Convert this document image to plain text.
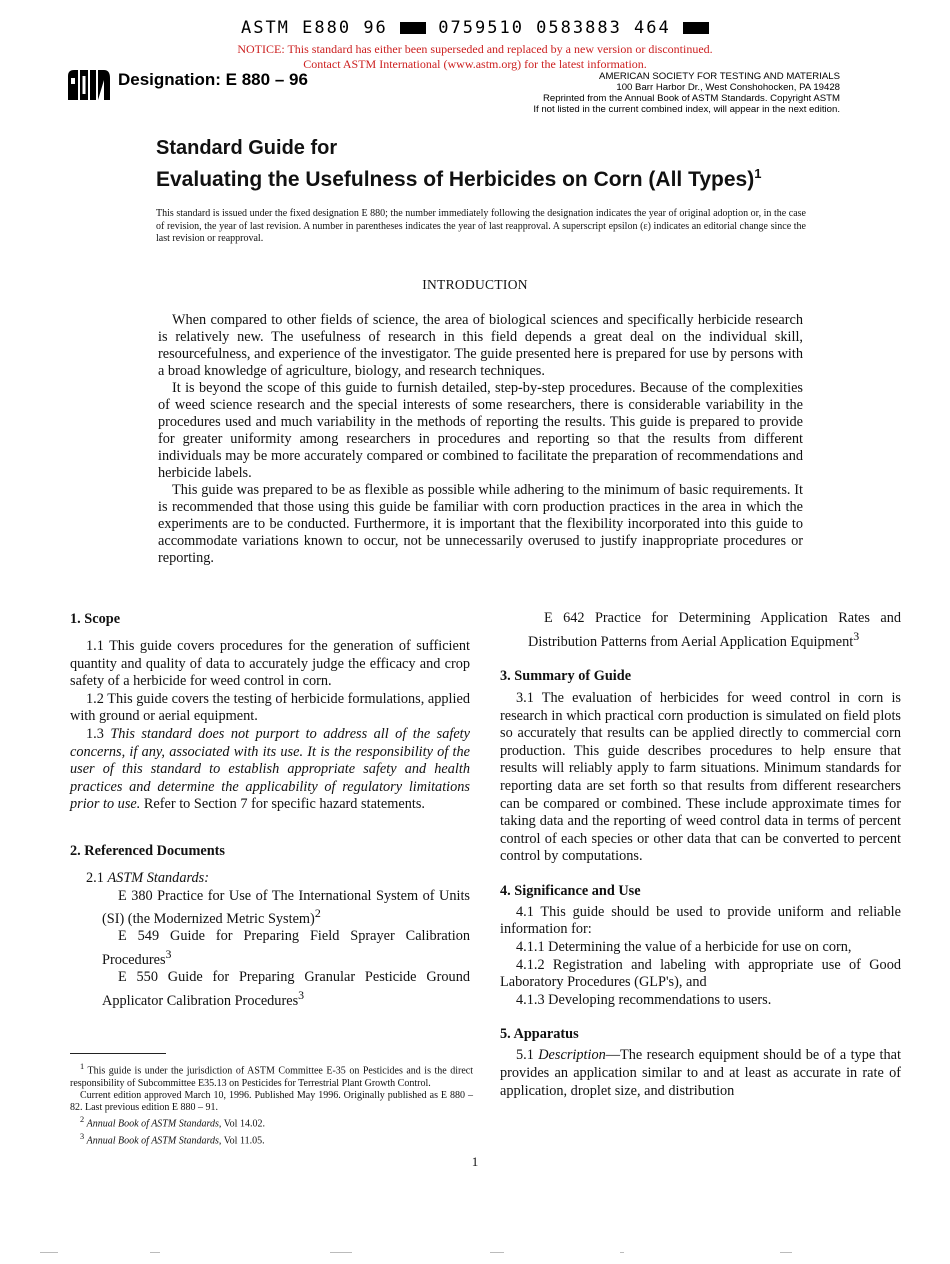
ASTM E880 96	0759510 0583883 464
NOTICE: This standard has either been superseded and replaced by a new version or discontinued.
Contact ASTM International (www.astm.org) for the latest information.
Designation: E 880 – 96	AMERICAN SOCIETY FOR TESTING AND MATERIALS
100 Barr Harbor Dr., West Conshohocken, PA 19428
Reprinted from the Annual Book of ASTM Standards. Copyright ASTM
If not listed in the current combined index, will appear in the next edition.
Standard Guide for
Evaluating the Usefulness of Herbicides on Corn (All Types)$^1$
This standard is issued under the fixed designation E 880; the number immediately following the designation indicates the year of original adoption or, in the case of revision, the year of last revision. A number in parentheses indicates the year of last reapproval. A superscript epsilon (ε) indicates an editorial change since the last revision or reapproval.
INTRODUCTION

When compared to other fields of science, the area of biological sciences and specifically herbicide research is relatively new. The usefulness of research in this field depends a great deal on the individual skill, resourcefulness, and experience of the investigator. The guide presented here is prepared for use by persons with a broad knowledge of agriculture, biology, and research techniques.

It is beyond the scope of this guide to furnish detailed, step-by-step procedures. Because of the complexities of weed science research and the special interests of some researchers, there is considerable variability in the procedures used and much variability in the methods of reporting the results. This guide is prepared to provide for greater uniformity among researchers in procedures and reporting so that the results from different individuals may be more accurately compared or combined to facilitate the preparation of recommendations and herbicide labels.

This guide was prepared to be as flexible as possible while adhering to the minimum of basic requirements. It is recommended that those using this guide be familiar with corn production practices in the area in which the experiments are to be conducted. Furthermore, it is important that the flexibility incorporated into this guide to accommodate variations known to occur, not be unnecessarily overused to justify inappropriate procedures or reporting.

1. Scope

1.1 This guide covers procedures for the generation of sufficient quantity and quality of data to accurately judge the efficacy and crop safety of a herbicide for weed control in corn.

1.2 This guide covers the testing of herbicide formulations, applied with ground or aerial equipment.

1.3 This standard does not purport to address all of the safety concerns, if any, associated with its use. It is the responsibility of the user of this standard to establish appropriate safety and health practices and determine the applicability of regulatory limitations prior to use. Refer to Section 7 for specific hazard statements.

2. Referenced Documents

2.1 ASTM Standards:

E 380 Practice for Use of The International System of Units (SI) (the Modernized Metric System)$^2$

E 549 Guide for Preparing Field Sprayer Calibration Procedures$^3$

E 550 Guide for Preparing Granular Pesticide Ground Applicator Calibration Procedures$^3$

$^1$ This guide is under the jurisdiction of ASTM Committee E-35 on Pesticides and is the direct responsibility of Subcommittee E35.13 on Pesticides for Terrestrial Plant Growth Control.

Current edition approved March 10, 1996. Published May 1996. Originally published as E 880 – 82. Last previous edition E 880 – 91.

$^2$ Annual Book of ASTM Standards, Vol 14.02.

$^3$ Annual Book of ASTM Standards, Vol 11.05.

E 642 Practice for Determining Application Rates and Distribution Patterns from Aerial Application Equipment$^3$

3. Summary of Guide

3.1 The evaluation of herbicides for weed control in corn is research in which practical corn production is simulated on field plots so accurately that results can be applied directly to commercial corn production. This guide describes procedures to help ensure that results will reliably apply to farm situations. Minimum standards for reporting data are set forth so that results from different researchers can be compared or combined. These include approximate times for taking data and the reporting of weed control data in terms of percent control of each species or other data that can be converted to percent control by computations.

4. Significance and Use

4.1 This guide should be used to provide uniform and reliable information for:

4.1.1 Determining the value of a herbicide for use on corn,

4.1.2 Registration and labeling with appropriate use of Good Laboratory Procedures (GLP's), and

4.1.3 Developing recommendations to users.

5. Apparatus

5.1 Description—The research equipment should be of a type that provides an application similar to and at least as accurate in rate of application, droplet size, and distribution

1
